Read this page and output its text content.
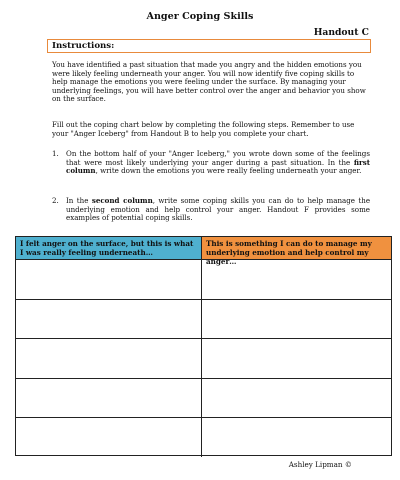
Anger Coping Skills
Handout C
Instructions:
You have identified a past situation that made you angry and the hidden emotions you were likely feeling underneath your anger. You will now identify five coping skills to help manage the emotions you were feeling under the surface. By managing your underlying feelings, you will have better control over the anger and behavior you show on the surface.
Fill out the coping chart below by completing the following steps. Remember to use your "Anger Iceberg" from Handout B to help you complete your chart.
1. On the bottom half of your "Anger Iceberg," you wrote down some of the feelings that were most likely underlying your anger during a past situation. In the first column, write down the emotions you were really feeling underneath your anger.
2. In the second column, write some coping skills you can do to help manage the underlying emotion and help control your anger. Handout F provides some examples of potential coping skills.
I felt anger on the surface, but this is what I was really feeling underneath…
This is something I can do to manage my underlying emotion and help control my anger…
Ashley Lipman ©
